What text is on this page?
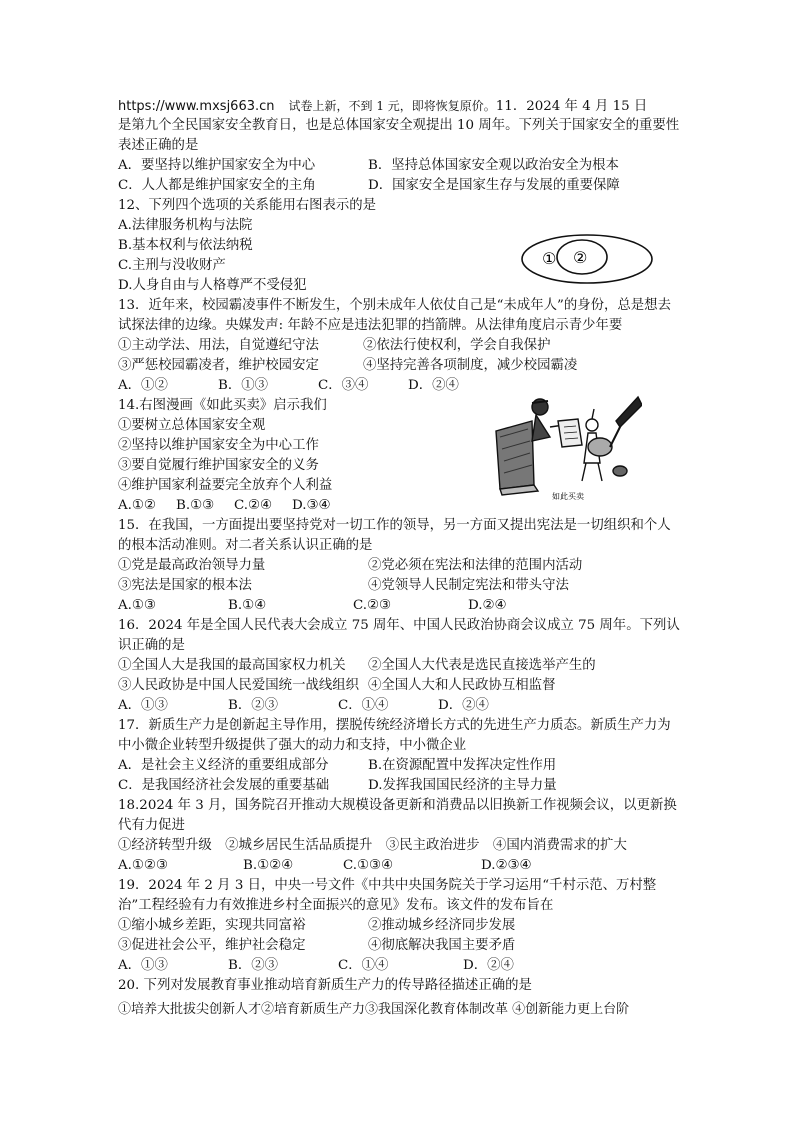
https://www.mxsj663.cn 试卷上新，不到 1 元，即将恢复原价。11．2024 年 4 月 15 日
是第九个全民国家安全教育日，也是总体国家安全观提出 10 周年。下列关于国家安全的重要性表述正确的是
A．要坚持以维护国家安全为中心	B．坚持总体国家安全观以政治安全为根本
C．人人都是维护国家安全的主角	D．国家安全是国家生存与发展的重要保障
12、下列四个选项的关系能用右图表示的是
A.法律服务机构与法院
B.基本权利与依法纳税
C.主刑与没收财产
D.人身自由与人格尊严不受侵犯
13．近年来，校园霸凌事件不断发生，个别未成年人依仗自己是“未成年人”的身份，总是想去试探法律的边缘。央媒发声: 年龄不应是违法犯罪的挡箭牌。从法律角度启示青少年要
①主动学法、用法，自觉遵纪守法	②依法行使权利，学会自我保护
③严惩校园霸凌者，维护校园安定	④坚持完善各项制度，减少校园霸凌
A．①②	B．①③	C．③④	D．②④
14.右图漫画《如此买卖》启示我们
①要树立总体国家安全观
②坚持以维护国家安全为中心工作
③要自觉履行维护国家安全的义务
④维护国家利益要完全放弃个人利益
A.①②	B.①③	C.②④	D.③④
15．在我国，一方面提出要坚持党对一切工作的领导，另一方面又提出宪法是一切组织和个人的根本活动准则。对二者关系认识正确的是
①党是最高政治领导力量	②党必须在宪法和法律的范围内活动
③宪法是国家的根本法	④党领导人民制定宪法和带头守法
A.①③	B.①④	C.②③	D.②④
16．2024 年是全国人民代表大会成立 75 周年、中国人民政治协商会议成立 75 周年。下列认识正确的是
①全国人大是我国的最高国家权力机关	②全国人大代表是选民直接选举产生的
③人民政协是中国人民爱国统一战线组织 ④全国人大和人民政协互相监督
A．①③	B．②③	C．①④	D．②④
17．新质生产力是创新起主导作用，摆脱传统经济增长方式的先进生产力质态。新质生产力为中小微企业转型升级提供了强大的动力和支持，中小微企业
A．是社会主义经济的重要组成部分	B.在资源配置中发挥决定性作用
C．是我国经济社会发展的重要基础	D.发挥我国国民经济的主导力量
18.2024 年 3 月，国务院召开推动大规模设备更新和消费品以旧换新工作视频会议，以更新换代有力促进
①经济转型升级　②城乡居民生活品质提升　③民主政治进步　④国内消费需求的扩大
A.①②③	B.①②④	C.①③④	D.②③④
19．2024 年 2 月 3 日，中央一号文件《中共中央国务院关于学习运用“千村示范、万村整治”工程经验有力有效推进乡村全面振兴的意见》发布。该文件的发布旨在
①缩小城乡差距，实现共同富裕	②推动城乡经济同步发展
③促进社会公平，维护社会稳定	④彻底解决我国主要矛盾
A．①③	B．②③	C．①④	D．②④
20. 下列对发展教育事业推动培育新质生产力的传导路径描述正确的是
①培养大批拔尖创新人才②培育新质生产力③我国深化教育体制改革 ④创新能力更上台阶
① ②
如此买卖
